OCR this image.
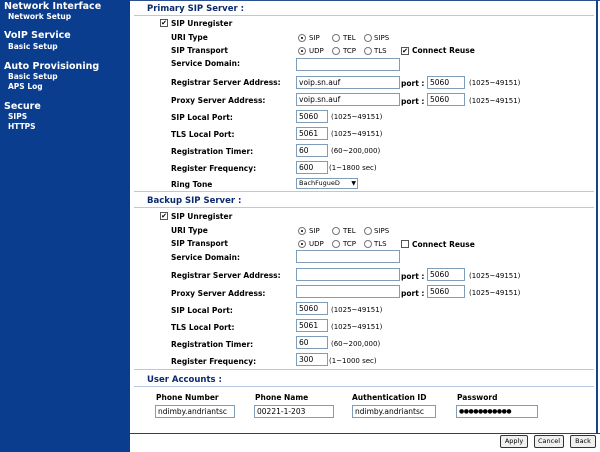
Network Interface
Network Setup
VoIP Service
Basic Setup
Auto Provisioning
Basic Setup
APS Log
Secure
SIPS
HTTPS
Primary SIP Server :
✔ SIP Unregister
URI Type	SIP	TEL	SIPS
SIP Transport	UDP	TCP	TLS ✔ Connect Reuse
Service Domain:
Registrar Server Address:	voip.sn.auf	port : 5060	(1025~49151)
Proxy Server Address:	voip.sn.auf	port : 5060	(1025~49151)
SIP Local Port:	5060	(1025~49151)
TLS Local Port:	5061	(1025~49151)
Registration Timer:	60	(60~200,000)
Register Frequency:	600	(1~1800 sec)
Ring Tone	BachFugueD ▼
Backup SIP Server :
✔ SIP Unregister
URI Type	SIP	TEL	SIPS
SIP Transport	UDP	TCP	TLS	Connect Reuse
Service Domain:
Registrar Server Address:	port : 5060	(1025~49151)
Proxy Server Address:	port : 5060	(1025~49151)
SIP Local Port:	5060	(1025~49151)
TLS Local Port:	5061	(1025~49151)
Registration Timer:	60	(60~200,000)
Register Frequency:	300	(1~1000 sec)
User Accounts :
Phone Number	Phone Name	Authentication ID	Password
ndimby.andriantsc	00221-1-203	ndimby.andriantsc	●●●●●●●●●●●
Apply	Cancel	Back
